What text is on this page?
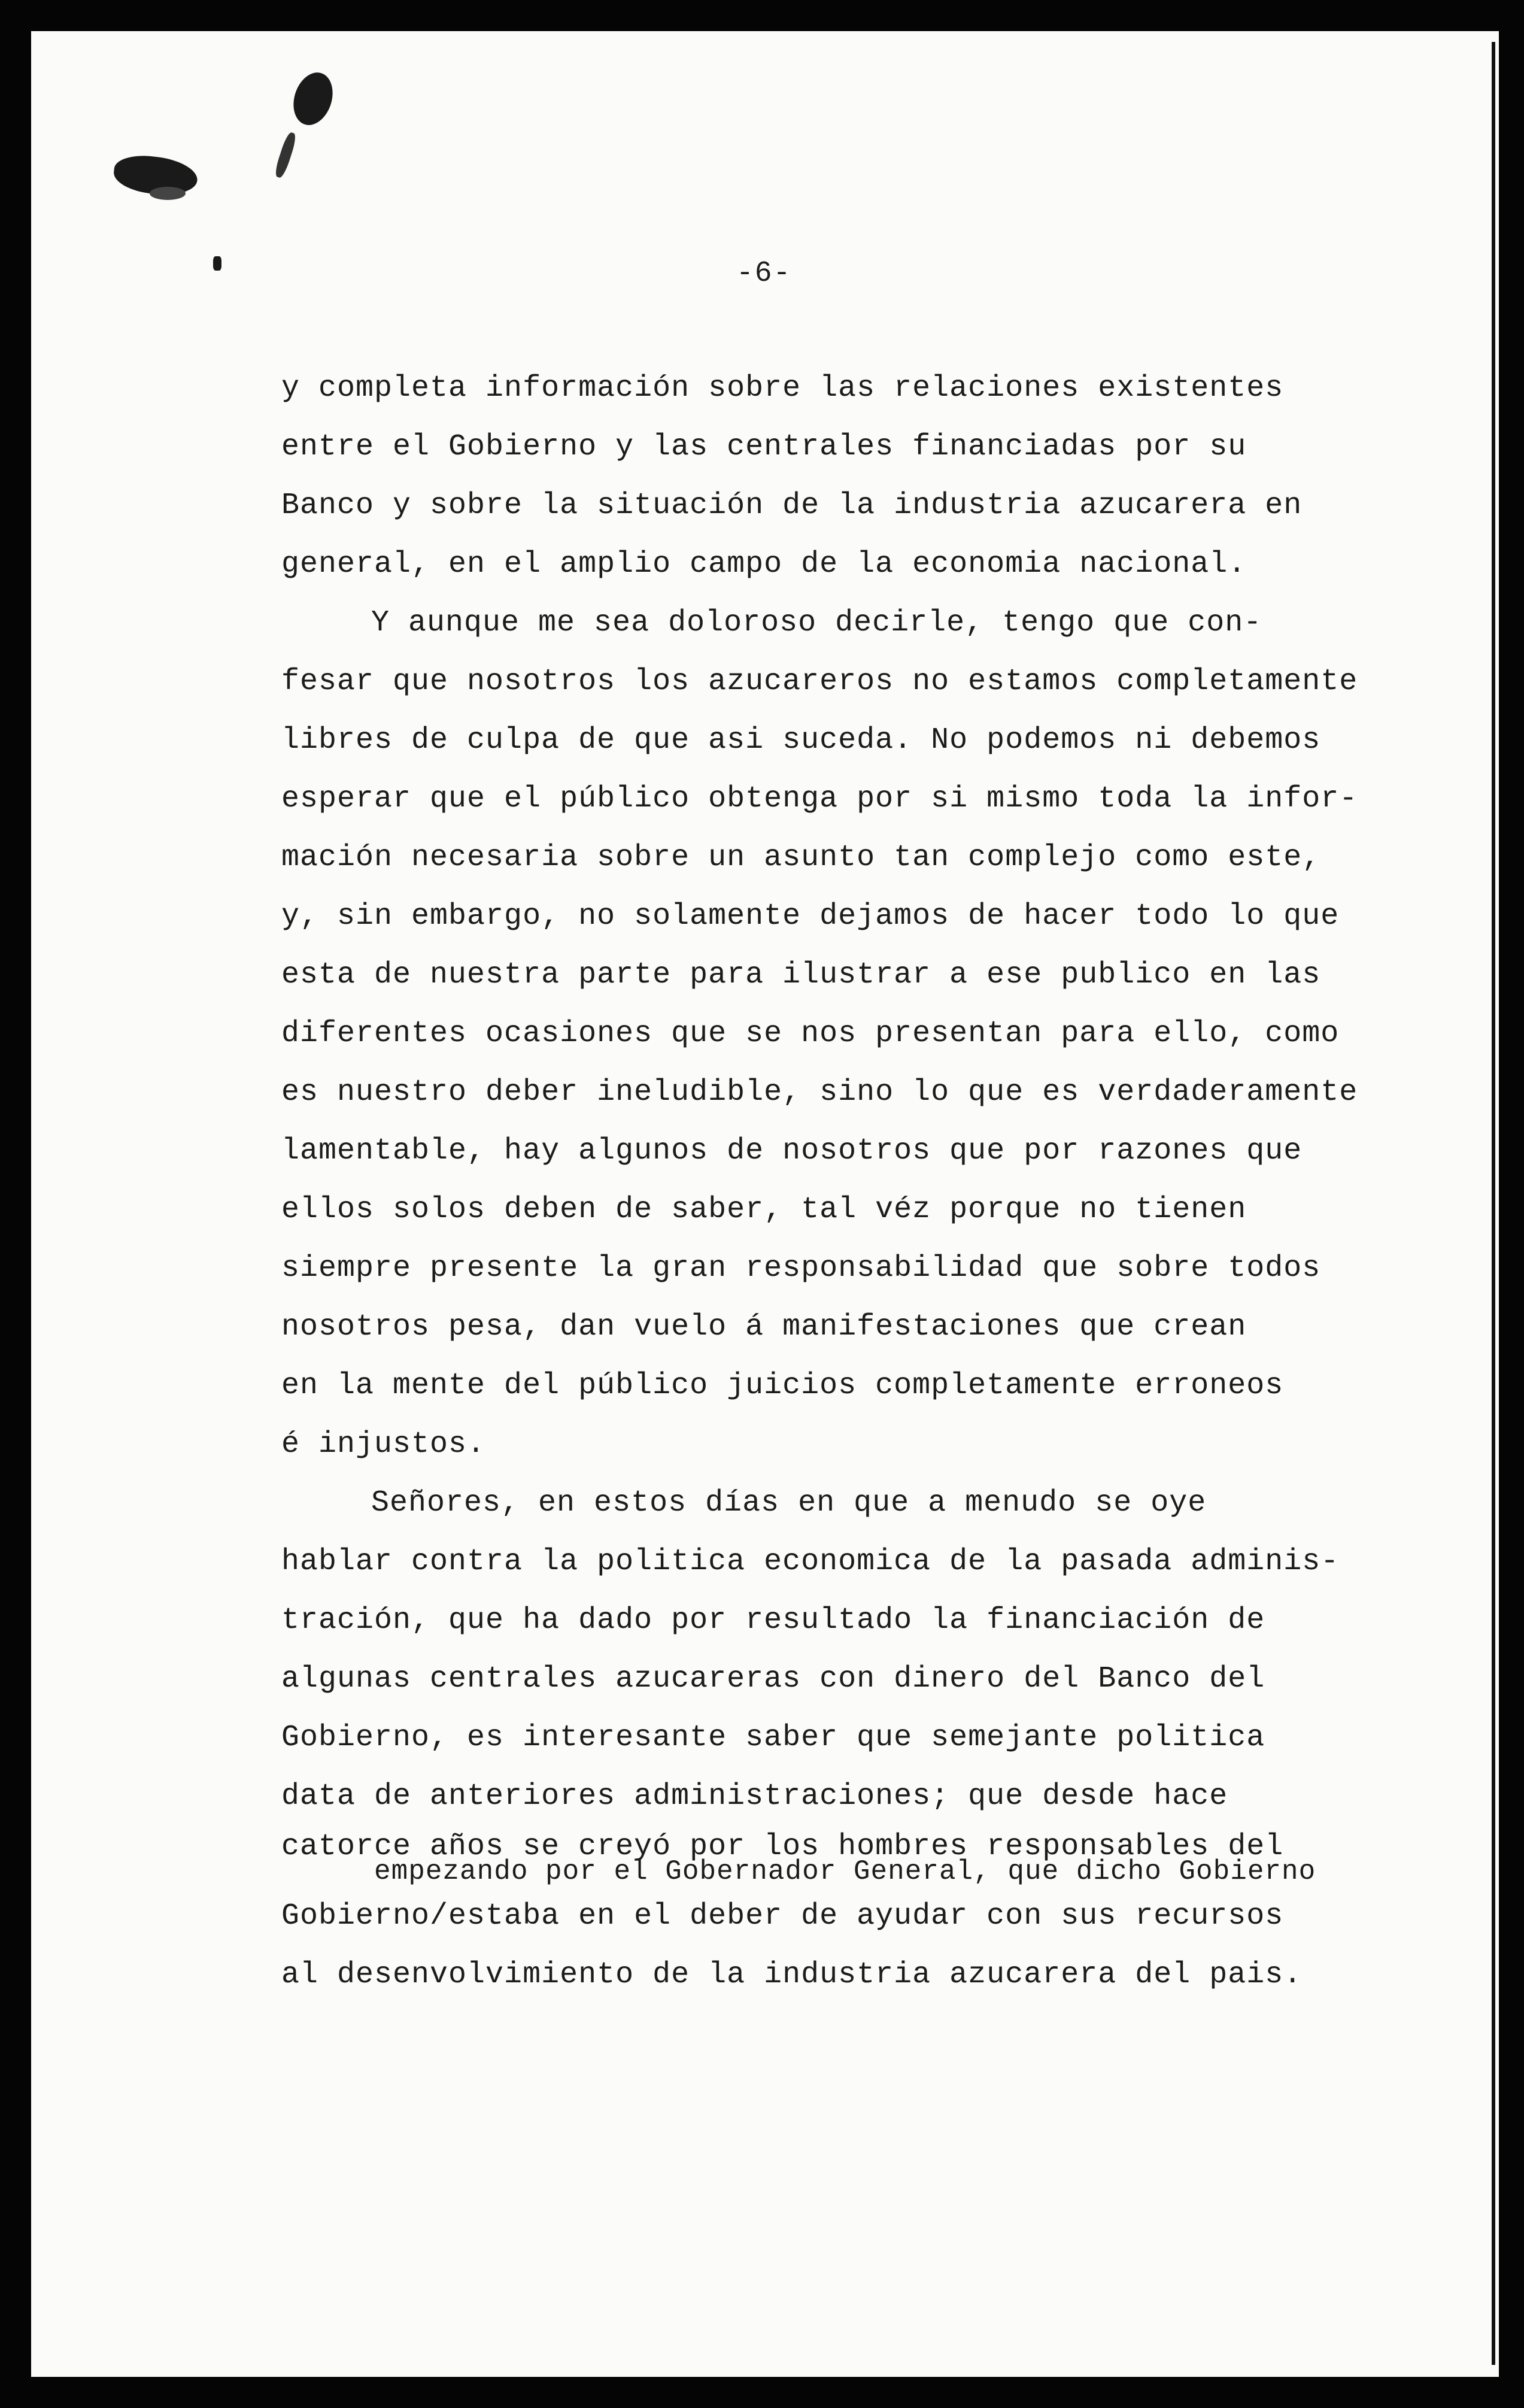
-6-
y completa información sobre las relaciones existentes
entre el Gobierno y las centrales financiadas por su
Banco y sobre la situación de la industria azucarera en
general, en el amplio campo de la economia nacional.
Y aunque me sea doloroso decirle, tengo que con-
fesar que nosotros los azucareros no estamos completamente
libres de culpa de que asi suceda. No podemos ni debemos
esperar que el público obtenga por si mismo toda la infor-
mación necesaria sobre un asunto tan complejo como este,
y, sin embargo, no solamente dejamos de hacer todo lo que
esta de nuestra parte para ilustrar a ese publico en las
diferentes ocasiones que se nos presentan para ello, como
es nuestro deber ineludible, sino lo que es verdaderamente
lamentable, hay algunos de nosotros que por razones que
ellos solos deben de saber, tal véz porque no tienen
siempre presente la gran responsabilidad que sobre todos
nosotros pesa, dan vuelo á manifestaciones que crean
en la mente del público juicios completamente erroneos
é injustos.
Señores, en estos días en que a menudo se oye
hablar contra la politica economica de la pasada adminis-
tración, que ha dado por resultado la financiación de
algunas centrales azucareras con dinero del Banco del
Gobierno, es interesante saber que semejante politica
data de anteriores administraciones; que desde hace
catorce años se creyó por los hombres responsables del
empezando por el Gobernador General, que dicho Gobierno
Gobierno/estaba en el deber de ayudar con sus recursos
al desenvolvimiento de la industria azucarera del pais.
